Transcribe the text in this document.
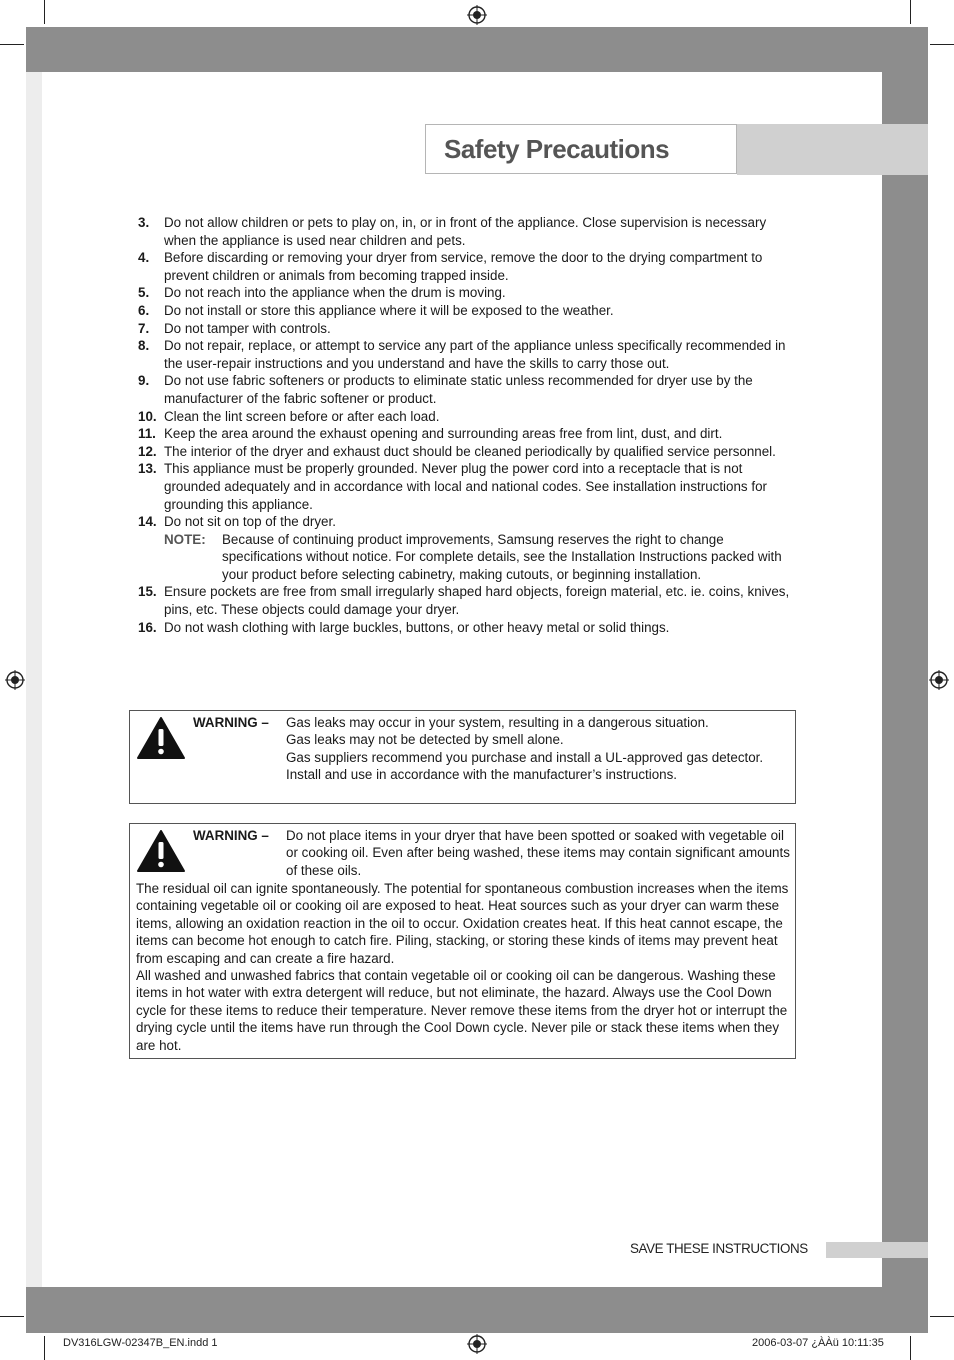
Safety Precautions
3.	Do not allow children or pets to play on, in, or in front of the appliance. Close supervision is necessary when the appliance is used near children and pets.
4.	Before discarding or removing your dryer from service, remove the door to the drying compartment to prevent children or animals from becoming trapped inside.
5.	Do not reach into the appliance when the drum is moving.
6.	Do not install or store this appliance where it will be exposed to the weather.
7.	Do not tamper with controls.
8.	Do not repair, replace, or attempt to service any part of the appliance unless specifically recommended in the user-repair instructions and you understand and have the skills to carry those out.
9.	Do not use fabric softeners or products to eliminate static unless recommended for dryer use by the manufacturer of the fabric softener or product.
10. Clean the lint screen before or after each load.
11. Keep the area around the exhaust opening and surrounding areas free from lint, dust, and dirt.
12. The interior of the dryer and exhaust duct should be cleaned periodically by qualified service personnel.
13. This appliance must be properly grounded. Never plug the power cord into a receptacle that is not grounded adequately and in accordance with local and national codes. See installation instructions for grounding this appliance.
14. Do not sit on top of the dryer.
NOTE:	Because of continuing product improvements, Samsung reserves the right to change specifications without notice. For complete details, see the Installation Instructions packed with your product before selecting cabinetry, making cutouts, or beginning installation.
15. Ensure pockets are free from small irregularly shaped hard objects, foreign material, etc. ie. coins, knives, pins, etc. These objects could damage your dryer.
16. Do not wash clothing with large buckles, buttons, or other heavy metal or solid things.
WARNING – Gas leaks may occur in your system, resulting in a dangerous situation.
Gas leaks may not be detected by smell alone.
Gas suppliers recommend you purchase and install a UL-approved gas detector.
Install and use in accordance with the manufacturer’s instructions.
WARNING – Do not place items in your dryer that have been spotted or soaked with vegetable oil or cooking oil. Even after being washed, these items may contain significant amounts of these oils.
The residual oil can ignite spontaneously. The potential for spontaneous combustion increases when the items containing vegetable oil or cooking oil are exposed to heat. Heat sources such as your dryer can warm these items, allowing an oxidation reaction in the oil to occur. Oxidation creates heat. If this heat cannot escape, the items can become hot enough to catch fire. Piling, stacking, or storing these kinds of items may prevent heat from escaping and can create a fire hazard.
All washed and unwashed fabrics that contain vegetable oil or cooking oil can be dangerous. Washing these items in hot water with extra detergent will reduce, but not eliminate, the hazard. Always use the Cool Down cycle for these items to reduce their temperature. Never remove these items from the dryer hot or interrupt the drying cycle until the items have run through the Cool Down cycle. Never pile or stack these items when they are hot.
SAVE THESE INSTRUCTIONS
DV316LGW-02347B_EN.indd 1	2006-03-07 ¿ÀÀü 10:11:35
